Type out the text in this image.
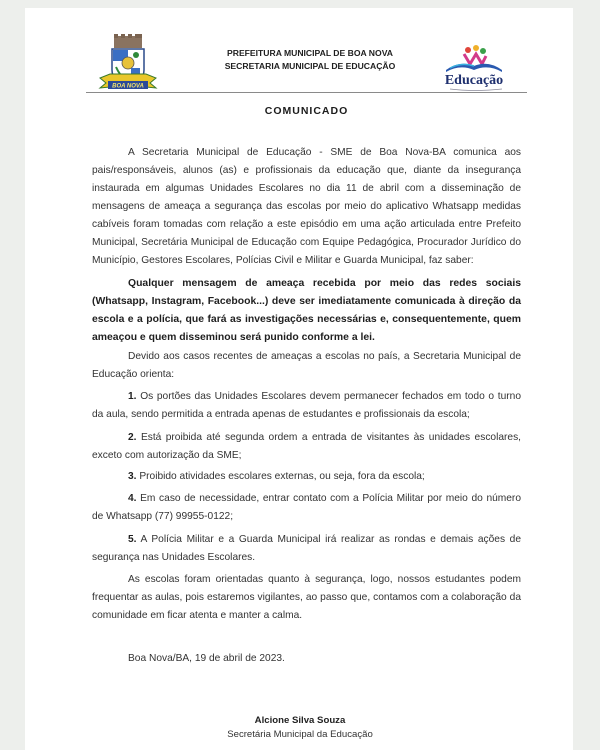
BOA NOVA
PREFEITURA MUNICIPAL DE BOA NOVA
SECRETARIA MUNICIPAL DE EDUCAÇÃO
Educação
COMUNICADO
A Secretaria Municipal de Educação - SME de Boa Nova-BA comunica aos pais/responsáveis, alunos (as) e profissionais da educação que, diante da insegurança instaurada em algumas Unidades Escolares no dia 11 de abril com a disseminação de mensagens de ameaça a segurança das escolas por meio do aplicativo Whatsapp medidas cabíveis foram tomadas com relação a este episódio em uma ação articulada entre Prefeito Municipal, Secretária Municipal de Educação com Equipe Pedagógica, Procurador Jurídico do Município, Gestores Escolares, Polícias Civil e Militar e Guarda Municipal, faz saber:
Qualquer mensagem de ameaça recebida por meio das redes sociais (Whatsapp, Instagram, Facebook...) deve ser imediatamente comunicada à direção da escola e a polícia, que fará as investigações necessárias e, consequentemente, quem ameaçou e quem disseminou será punido conforme a lei.
Devido aos casos recentes de ameaças a escolas no país, a Secretaria Municipal de Educação orienta:
1. Os portões das Unidades Escolares devem permanecer fechados em todo o turno da aula, sendo permitida a entrada apenas de estudantes e profissionais da escola;
2. Está proibida até segunda ordem a entrada de visitantes às unidades escolares, exceto com autorização da SME;
3. Proibido atividades escolares externas, ou seja, fora da escola;
4. Em caso de necessidade, entrar contato com a Polícia Militar por meio do número de Whatsapp (77) 99955-0122;
5. A Polícia Militar e a Guarda Municipal irá realizar as rondas e demais ações de segurança nas Unidades Escolares.
As escolas foram orientadas quanto à segurança, logo, nossos estudantes podem frequentar as aulas, pois estaremos vigilantes, ao passo que, contamos com a colaboração da comunidade em ficar atenta e manter a calma.
Boa Nova/BA, 19 de abril de 2023.
Alcione Silva Souza
Secretária Municipal da Educação
